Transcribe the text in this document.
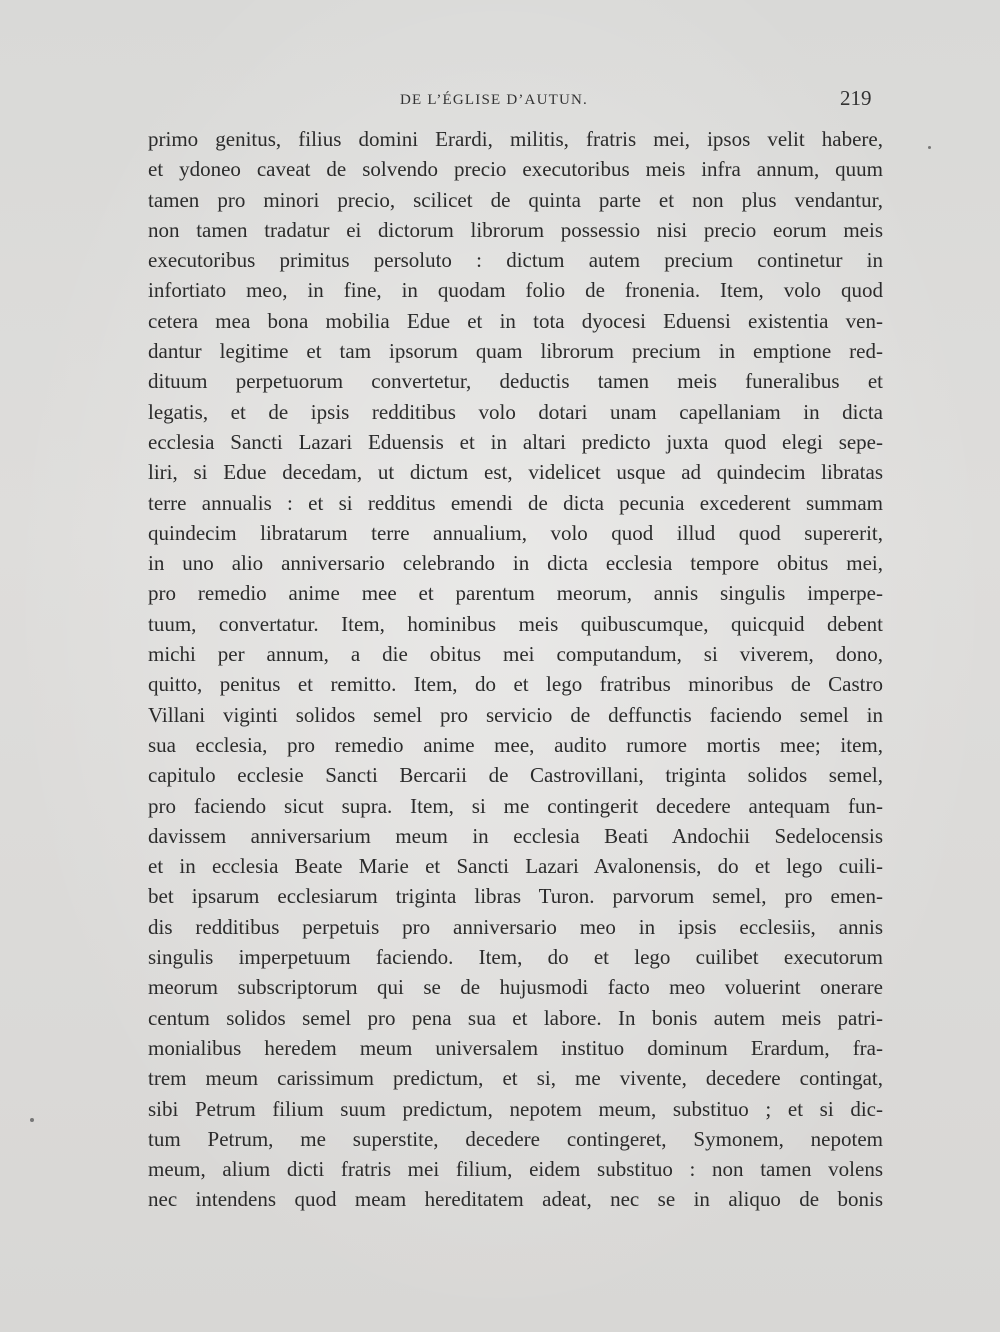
DE L’ÉGLISE D’AUTUN.	219
primo genitus, filius domini Erardi, militis, fratris mei, ipsos velit habere,
et ydoneo caveat de solvendo precio executoribus meis infra annum, quum
tamen pro minori precio, scilicet de quinta parte et non plus vendantur,
non tamen tradatur ei dictorum librorum possessio nisi precio eorum meis
executoribus primitus persoluto : dictum autem precium continetur in
infortiato meo, in fine, in quodam folio de fronenia. Item, volo quod
cetera mea bona mobilia Edue et in tota dyocesi Eduensi existentia ven-
dantur legitime et tam ipsorum quam librorum precium in emptione red-
dituum perpetuorum convertetur, deductis tamen meis funeralibus et
legatis, et de ipsis redditibus volo dotari unam capellaniam in dicta
ecclesia Sancti Lazari Eduensis et in altari predicto juxta quod elegi sepe-
liri, si Edue decedam, ut dictum est, videlicet usque ad quindecim libratas
terre annualis : et si redditus emendi de dicta pecunia excederent summam
quindecim libratarum terre annualium, volo quod illud quod supererit,
in uno alio anniversario celebrando in dicta ecclesia tempore obitus mei,
pro remedio anime mee et parentum meorum, annis singulis imperpe-
tuum, convertatur. Item, hominibus meis quibuscumque, quicquid debent
michi per annum, a die obitus mei computandum, si viverem, dono,
quitto, penitus et remitto. Item, do et lego fratribus minoribus de Castro
Villani viginti solidos semel pro servicio de deffunctis faciendo semel in
sua ecclesia, pro remedio anime mee, audito rumore mortis mee; item,
capitulo ecclesie Sancti Bercarii de Castrovillani, triginta solidos semel,
pro faciendo sicut supra. Item, si me contingerit decedere antequam fun-
davissem anniversarium meum in ecclesia Beati Andochii Sedelocensis
et in ecclesia Beate Marie et Sancti Lazari Avalonensis, do et lego cuili-
bet ipsarum ecclesiarum triginta libras Turon. parvorum semel, pro emen-
dis redditibus perpetuis pro anniversario meo in ipsis ecclesiis, annis
singulis imperpetuum faciendo. Item, do et lego cuilibet executorum
meorum subscriptorum qui se de hujusmodi facto meo voluerint onerare
centum solidos semel pro pena sua et labore. In bonis autem meis patri-
monialibus heredem meum universalem instituo dominum Erardum, fra-
trem meum carissimum predictum, et si, me vivente, decedere contingat,
sibi Petrum filium suum predictum, nepotem meum, substituo ; et si dic-
tum Petrum, me superstite, decedere contingeret, Symonem, nepotem
meum, alium dicti fratris mei filium, eidem substituo : non tamen volens
nec intendens quod meam hereditatem adeat, nec se in aliquo de bonis
